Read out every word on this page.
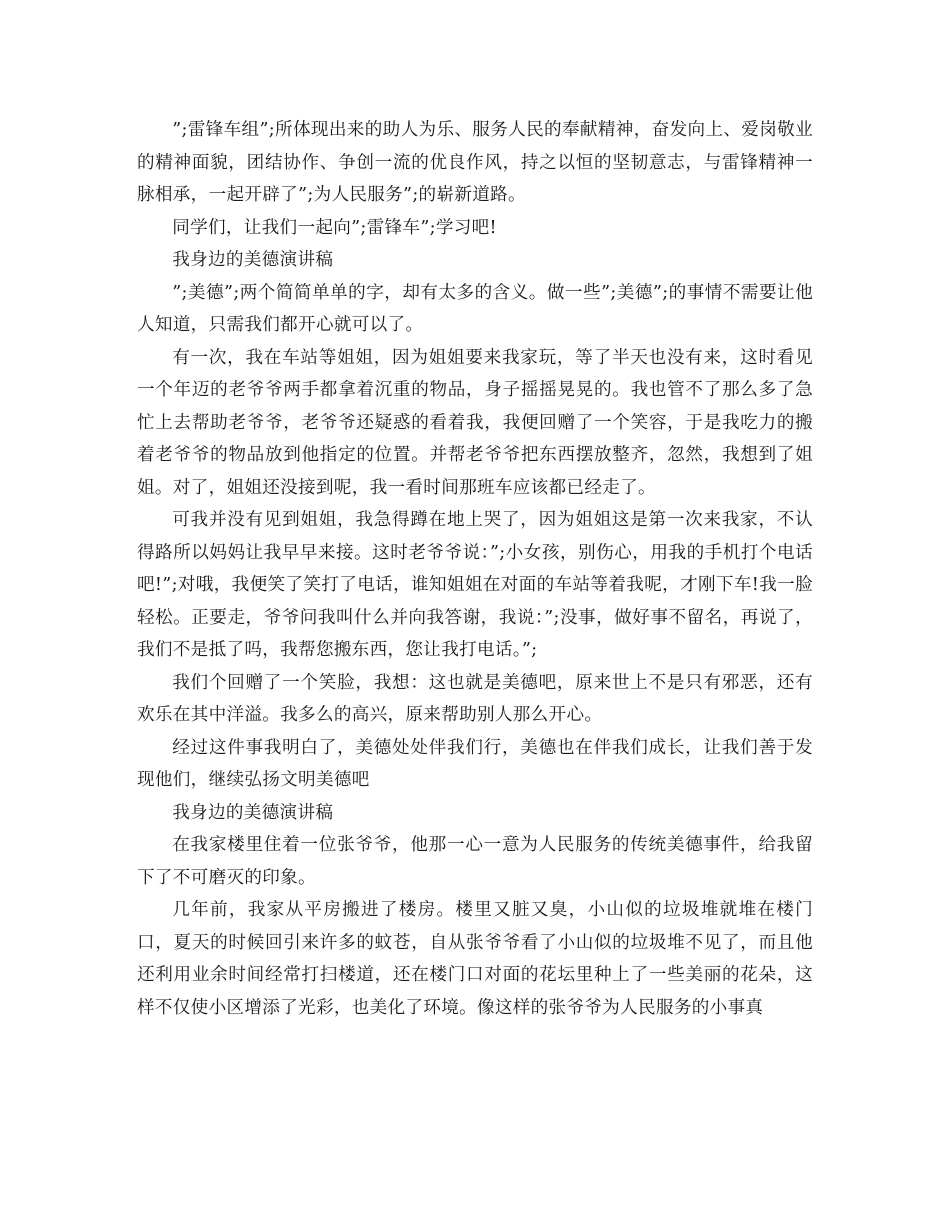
”;雷锋车组”;所体现出来的助人为乐、服务人民的奉献精神，奋发向上、爱岗敬业的精神面貌，团结协作、争创一流的优良作风，持之以恒的坚韧意志，与雷锋精神一脉相承，一起开辟了”;为人民服务”;的崭新道路。

同学们，让我们一起向”;雷锋车”;学习吧!

我身边的美德演讲稿

”;美德”;两个简简单单的字，却有太多的含义。做一些”;美德”;的事情不需要让他人知道，只需我们都开心就可以了。

有一次，我在车站等姐姐，因为姐姐要来我家玩，等了半天也没有来，这时看见一个年迈的老爷爷两手都拿着沉重的物品，身子摇摇晃晃的。我也管不了那么多了急忙上去帮助老爷爷，老爷爷还疑惑的看着我，我便回赠了一个笑容，于是我吃力的搬着老爷爷的物品放到他指定的位置。并帮老爷爷把东西摆放整齐，忽然，我想到了姐姐。对了，姐姐还没接到呢，我一看时间那班车应该都已经走了。

可我并没有见到姐姐，我急得蹲在地上哭了，因为姐姐这是第一次来我家，不认得路所以妈妈让我早早来接。这时老爷爷说：”;小女孩，别伤心，用我的手机打个电话吧!”;对哦，我便笑了笑打了电话，谁知姐姐在对面的车站等着我呢，才刚下车!我一脸轻松。正要走，爷爷问我叫什么并向我答谢，我说：”;没事，做好事不留名，再说了，我们不是抵了吗，我帮您搬东西，您让我打电话。”;

我们个回赠了一个笑脸，我想：这也就是美德吧，原来世上不是只有邪恶，还有欢乐在其中洋溢。我多么的高兴，原来帮助别人那么开心。

经过这件事我明白了，美德处处伴我们行，美德也在伴我们成长，让我们善于发现他们，继续弘扬文明美德吧

我身边的美德演讲稿

在我家楼里住着一位张爷爷，他那一心一意为人民服务的传统美德事件，给我留下了不可磨灭的印象。

几年前，我家从平房搬进了楼房。楼里又脏又臭，小山似的垃圾堆就堆在楼门口，夏天的时候回引来许多的蚊苍，自从张爷爷看了小山似的垃圾堆不见了，而且他还利用业余时间经常打扫楼道，还在楼门口对面的花坛里种上了一些美丽的花朵，这样不仅使小区增添了光彩，也美化了环境。像这样的张爷爷为人民服务的小事真
